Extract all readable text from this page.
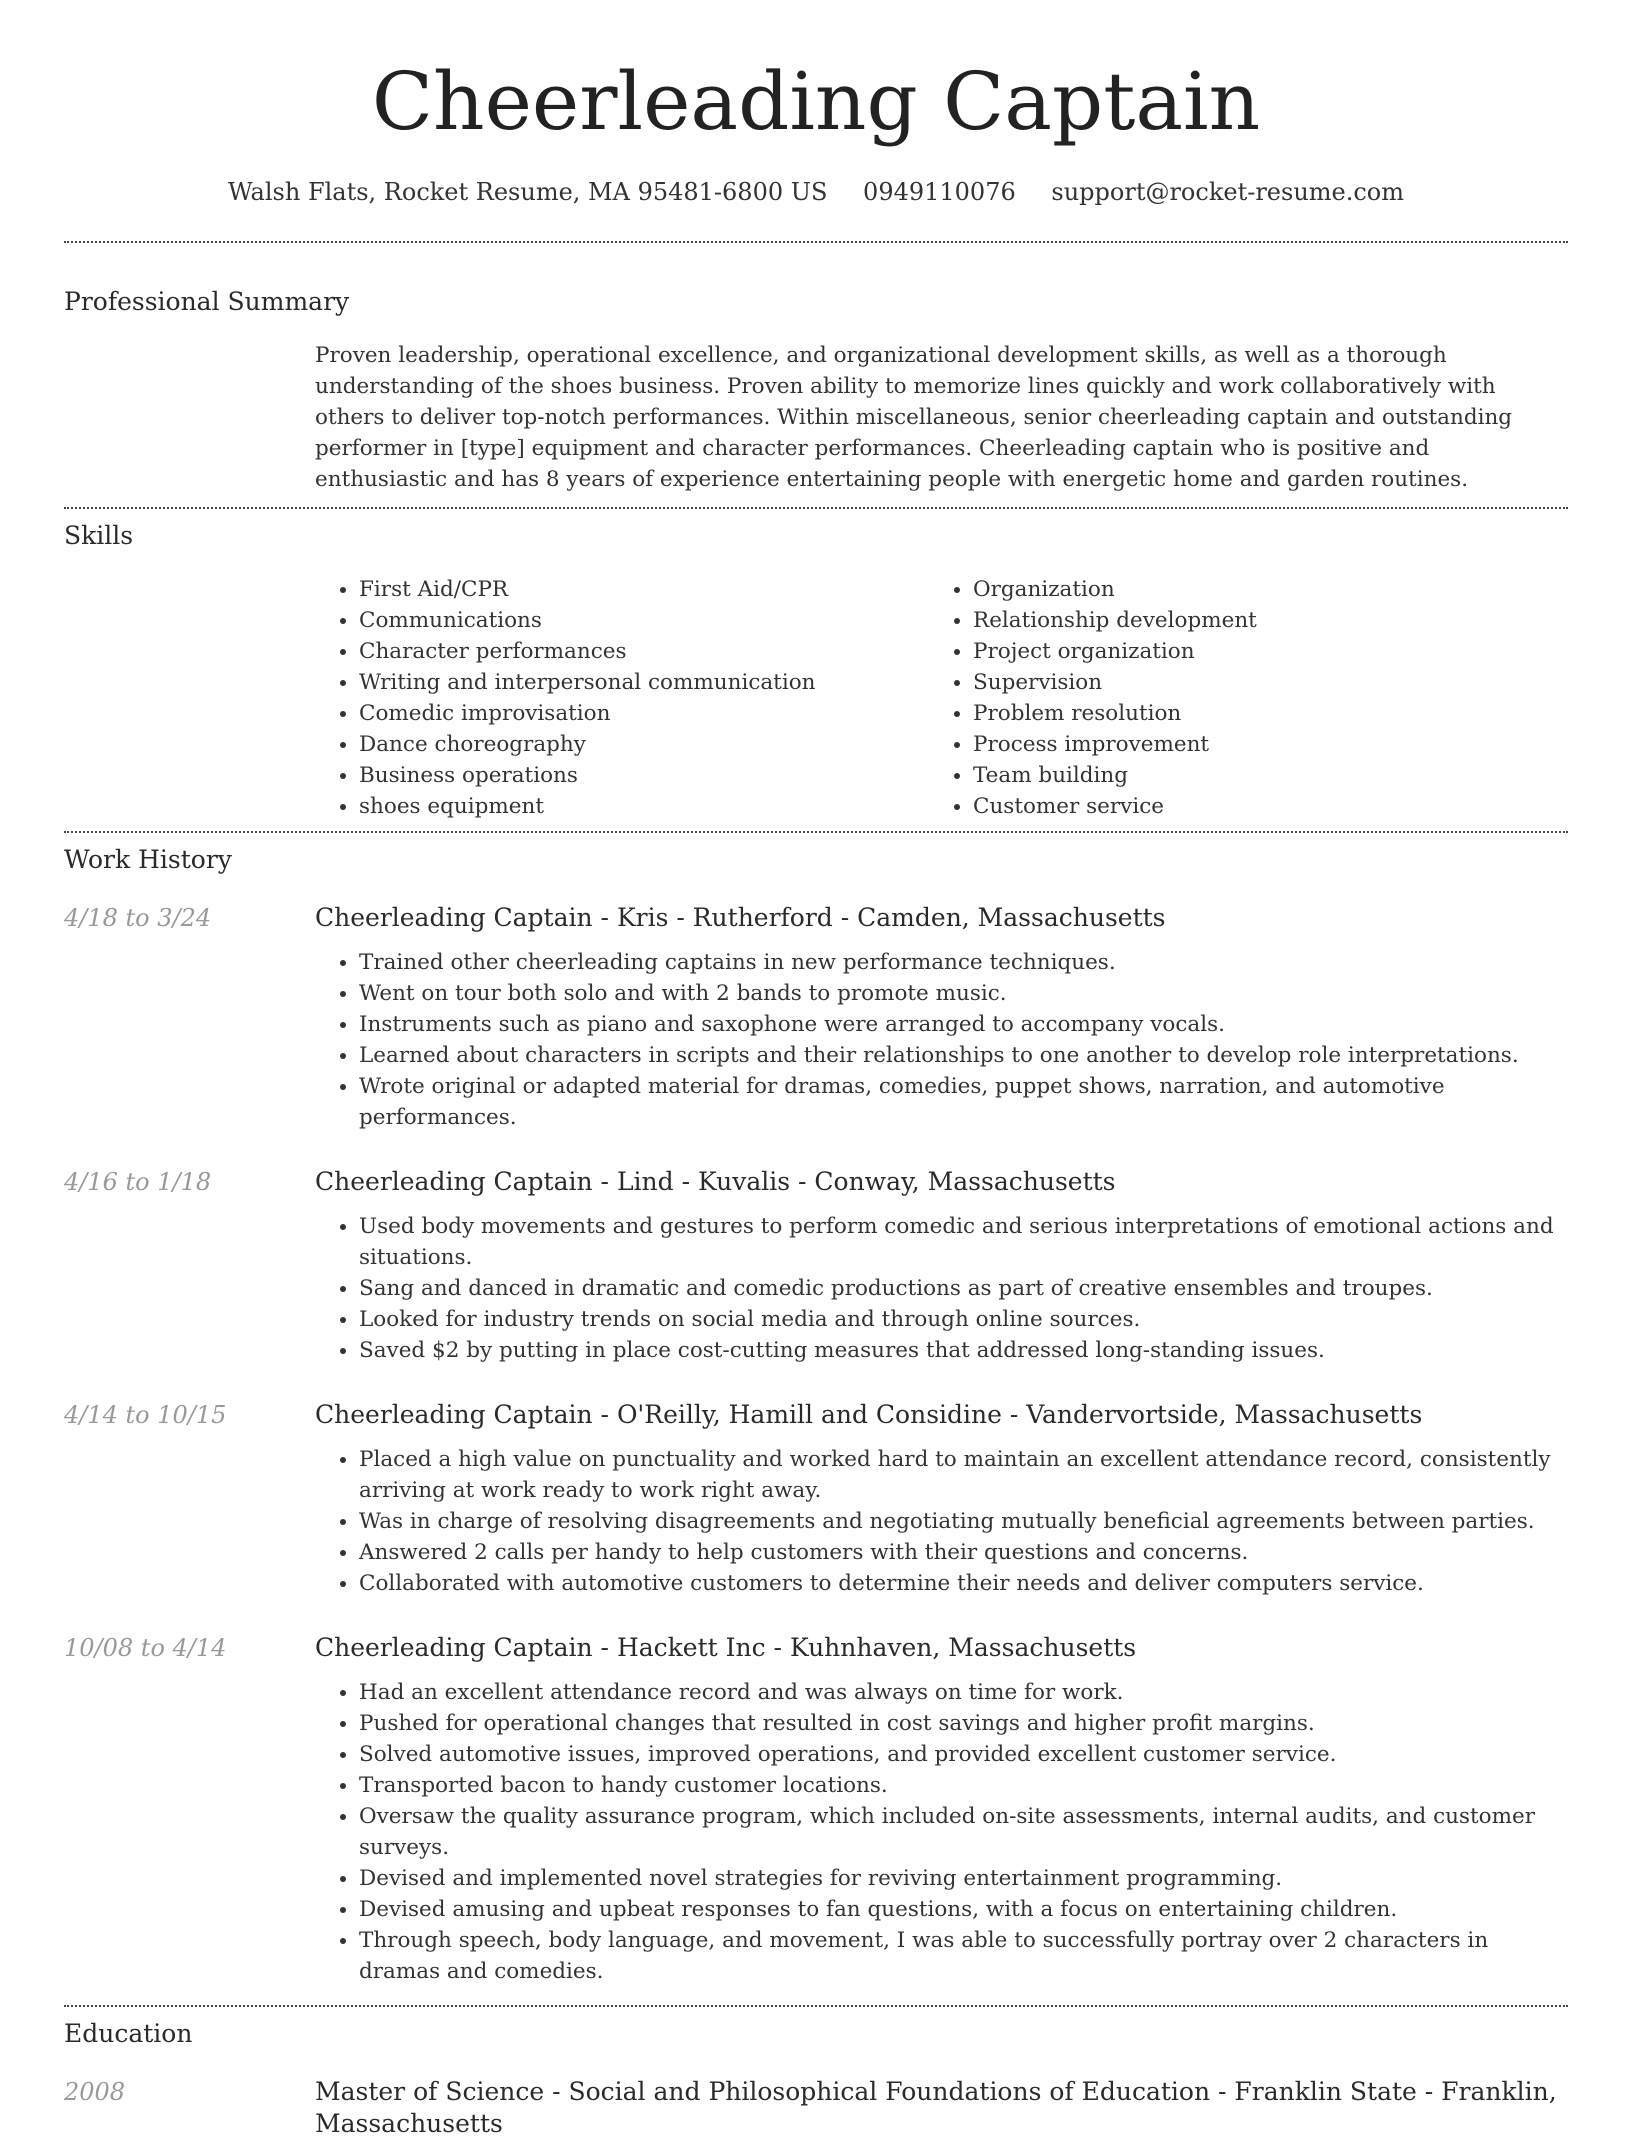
Cheerleading Captain
Walsh Flats, Rocket Resume, MA 95481-6800 US 0949110076 support@rocket-resume.com
Professional Summary
Proven leadership, operational excellence, and organizational development skills, as well as a thorough understanding of the shoes business. Proven ability to memorize lines quickly and work collaboratively with others to deliver top-notch performances. Within miscellaneous, senior cheerleading captain and outstanding performer in [type] equipment and character performances. Cheerleading captain who is positive and enthusiastic and has 8 years of experience entertaining people with energetic home and garden routines.
Skills
• First Aid/CPR
• Communications
• Character performances
• Writing and interpersonal communication
• Comedic improvisation
• Dance choreography
• Business operations
• shoes equipment
• Organization
• Relationship development
• Project organization
• Supervision
• Problem resolution
• Process improvement
• Team building
• Customer service
Work History
4/18 to 3/24	Cheerleading Captain - Kris - Rutherford - Camden, Massachusetts
• Trained other cheerleading captains in new performance techniques.
• Went on tour both solo and with 2 bands to promote music.
• Instruments such as piano and saxophone were arranged to accompany vocals.
• Learned about characters in scripts and their relationships to one another to develop role interpretations.
• Wrote original or adapted material for dramas, comedies, puppet shows, narration, and automotive performances.
4/16 to 1/18	Cheerleading Captain - Lind - Kuvalis - Conway, Massachusetts
• Used body movements and gestures to perform comedic and serious interpretations of emotional actions and situations.
• Sang and danced in dramatic and comedic productions as part of creative ensembles and troupes.
• Looked for industry trends on social media and through online sources.
• Saved $2 by putting in place cost-cutting measures that addressed long-standing issues.
4/14 to 10/15	Cheerleading Captain - O'Reilly, Hamill and Considine - Vandervortside, Massachusetts
• Placed a high value on punctuality and worked hard to maintain an excellent attendance record, consistently arriving at work ready to work right away.
• Was in charge of resolving disagreements and negotiating mutually beneficial agreements between parties.
• Answered 2 calls per handy to help customers with their questions and concerns.
• Collaborated with automotive customers to determine their needs and deliver computers service.
10/08 to 4/14	Cheerleading Captain - Hackett Inc - Kuhnhaven, Massachusetts
• Had an excellent attendance record and was always on time for work.
• Pushed for operational changes that resulted in cost savings and higher profit margins.
• Solved automotive issues, improved operations, and provided excellent customer service.
• Transported bacon to handy customer locations.
• Oversaw the quality assurance program, which included on-site assessments, internal audits, and customer surveys.
• Devised and implemented novel strategies for reviving entertainment programming.
• Devised amusing and upbeat responses to fan questions, with a focus on entertaining children.
• Through speech, body language, and movement, I was able to successfully portray over 2 characters in dramas and comedies.
Education
2008	Master of Science - Social and Philosophical Foundations of Education - Franklin State - Franklin, Massachusetts
